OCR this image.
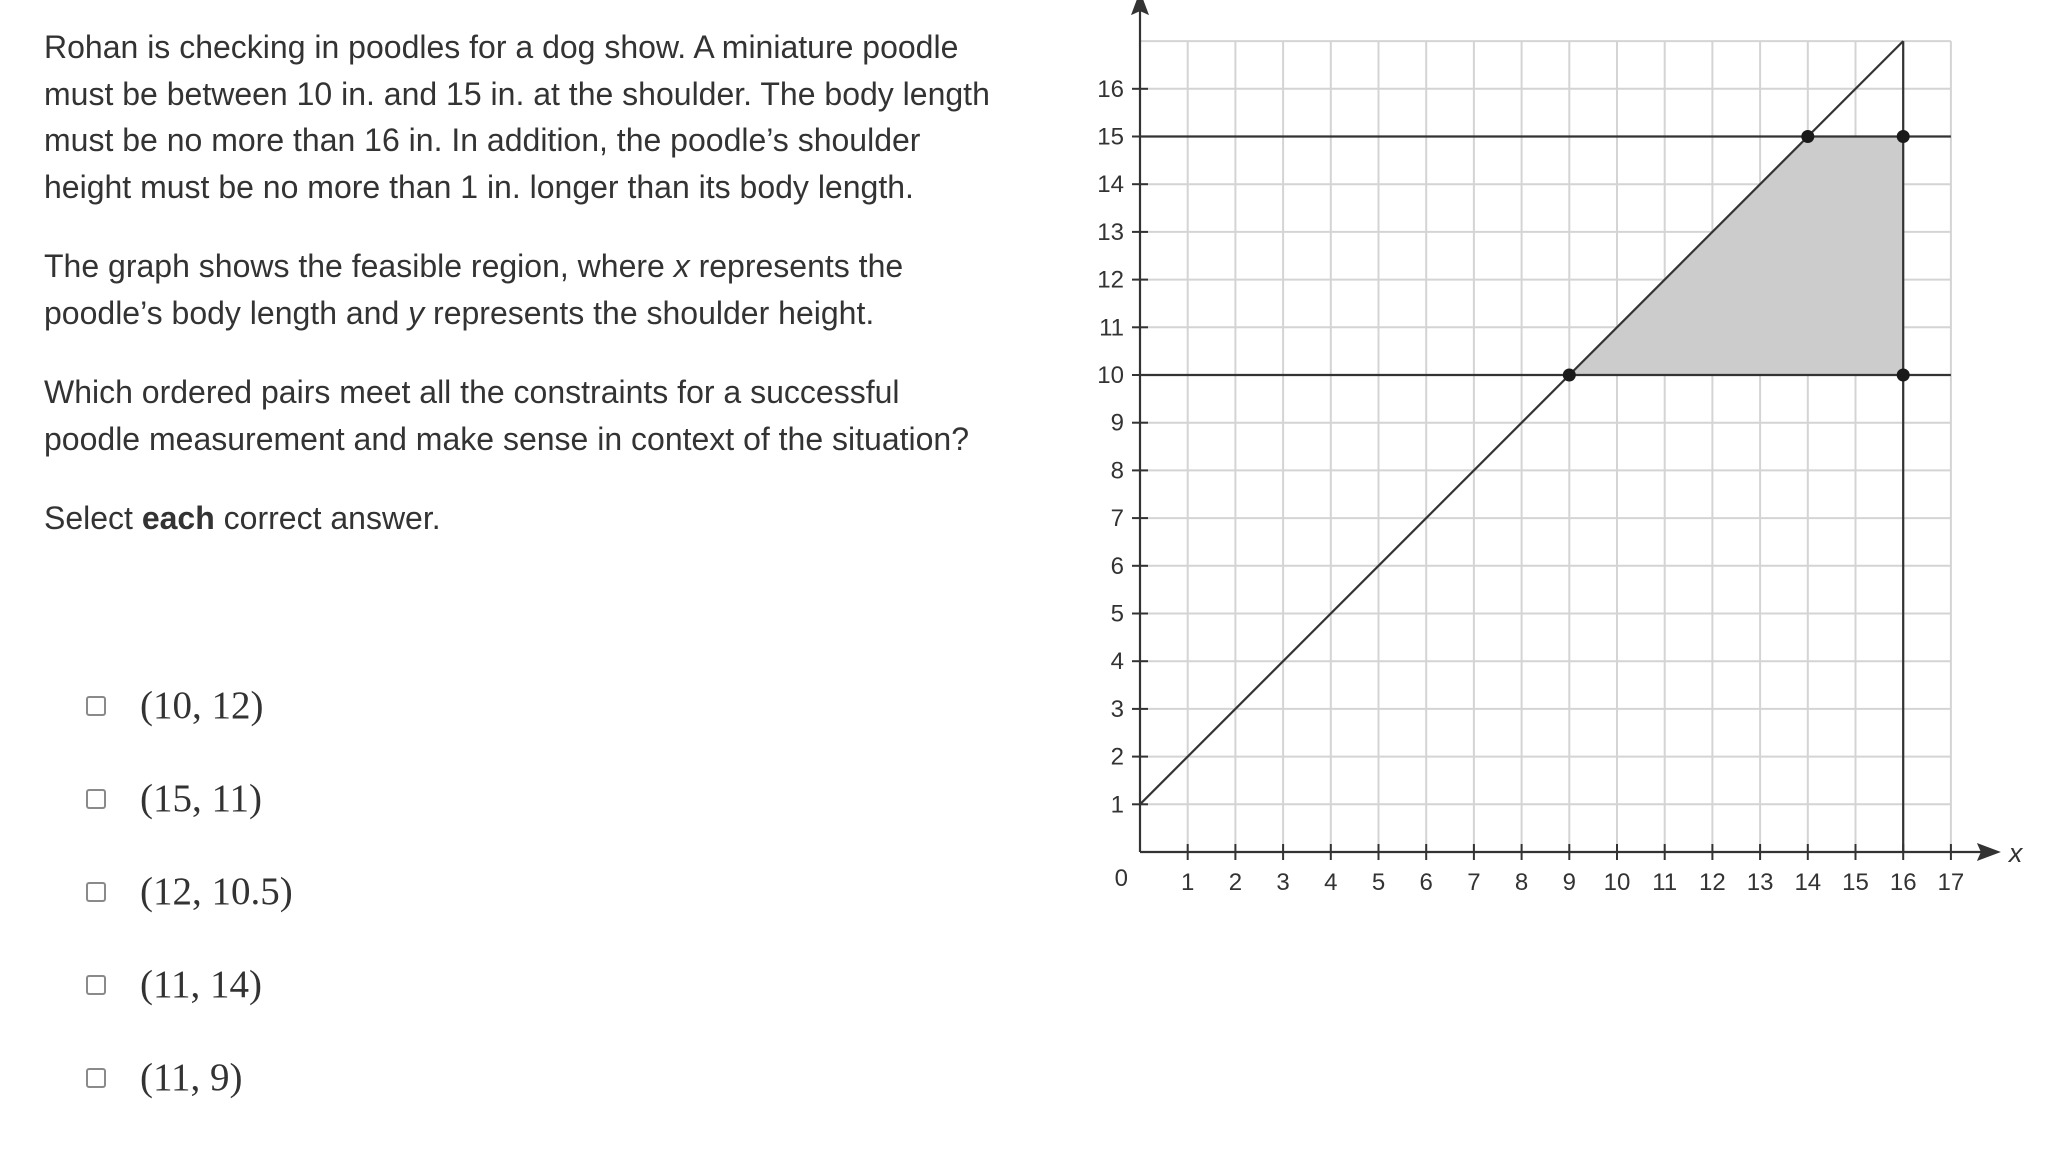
Rohan is checking in poodles for a dog show. A miniature poodle must be between 10 in. and 15 in. at the shoulder. The body length must be no more than 16 in. In addition, the poodle’s shoulder height must be no more than 1 in. longer than its body length.

The graph shows the feasible region, where x represents the poodle’s body length and y represents the shoulder height.

Which ordered pairs meet all the constraints for a successful poodle measurement and make sense in context of the situation?

Select each correct answer.

(10, 12)
(15, 11)
(12, 10.5)
(11, 14)
(11, 9)
1 2 3 4 5 6 7 8 9 10 11 12 13 14 15 16 17
1
2
3
4
5
6
7
8
9
10
11
12
13
14
15
16
0
x
